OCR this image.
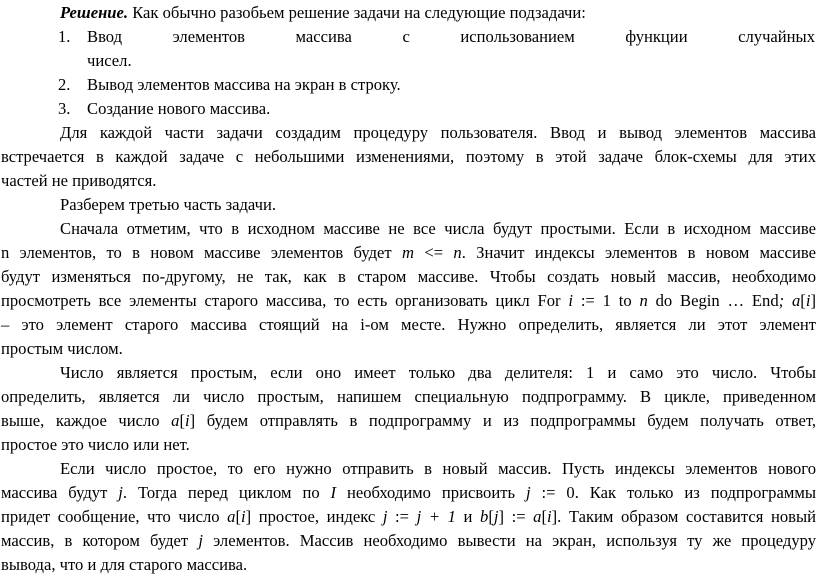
Решение. Как обычно разобьем решение задачи на следующие подзадачи:
Ввод элементов массива с использованием функции случайных
1.
чисел.
Вывод элементов массива на экран в строку.
2.
Создание нового массива.
3.
Для каждой части задачи создадим процедуру пользователя. Ввод и вывод элементов массива
встречается в каждой задаче с небольшими изменениями, поэтому в этой задаче блок-схемы для этих
частей не приводятся.
Разберем третью часть задачи.
Сначала отметим, что в исходном массиве не все числа будут простыми. Если в исходном массиве
n элементов, то в новом массиве элементов будет m <= n. Значит индексы элементов в новом массиве
будут изменяться по-другому, не так, как в старом массиве. Чтобы создать новый массив, необходимо
просмотреть все элементы старого массива, то есть организовать цикл For i := 1 to n do Begin … End; a[i]
– это элемент старого массива стоящий на i-ом месте. Нужно определить, является ли этот элемент
простым числом.
Число является простым, если оно имеет только два делителя: 1 и само это число. Чтобы
определить, является ли число простым, напишем специальную подпрограмму. В цикле, приведенном
выше, каждое число a[i] будем отправлять в подпрограмму и из подпрограммы будем получать ответ,
простое это число или нет.
Если число простое, то его нужно отправить в новый массив. Пусть индексы элементов нового
массива будут j. Тогда перед циклом по I необходимо присвоить j := 0. Как только из подпрограммы
придет сообщение, что число a[i] простое, индекс j := j + 1 и b[j] := a[i]. Таким образом составится новый
массив, в котором будет j элементов. Массив необходимо вывести на экран, используя ту же процедуру
вывода, что и для старого массива.
